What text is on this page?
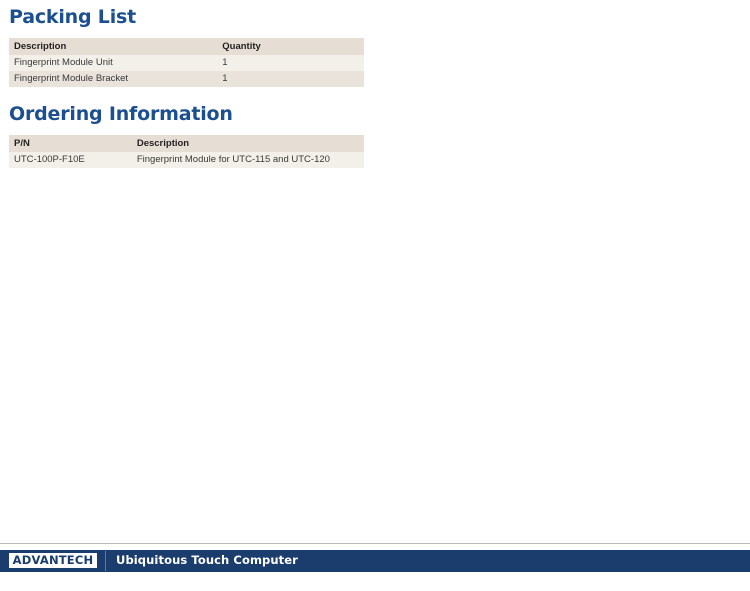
Packing List
Description	Quantity
Fingerprint Module Unit	1
Fingerprint Module Bracket	1
Ordering Information
P/N	Description
UTC-100P-F10E	Fingerprint Module for UTC-115 and UTC-120
ADVANTECH	Ubiquitous Touch Computer
